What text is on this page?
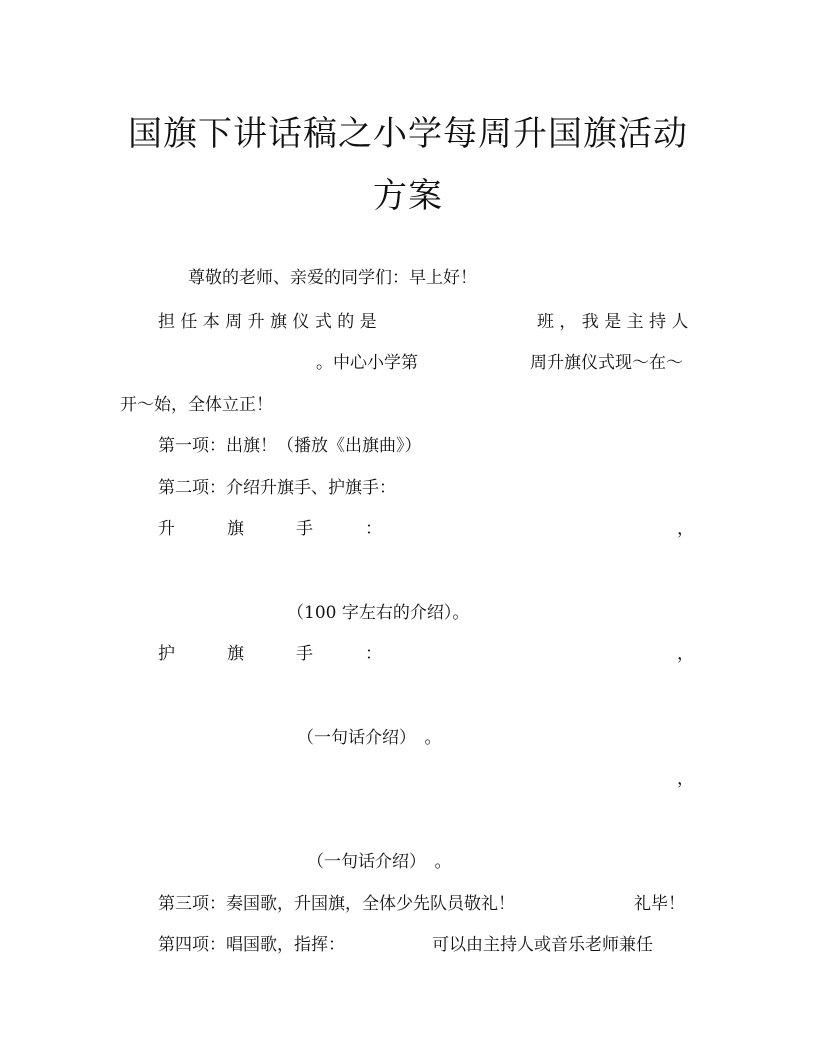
国旗下讲话稿之小学每周升国旗活动
方案
尊敬的老师、亲爱的同学们：早上好！
担 任 本 周 升 旗 仪 式 的 是	班 ， 我 是 主 持 人
。中心小学第	周升旗仪式现～在～
开～始，全体立正！
第一项：出旗！（播放《出旗曲》）
第二项：介绍升旗手、护旗手：
升	旗	手	：	，
（100 字左右的介绍）。
护	旗	手	：	，
（一句话介绍）　。
，
（一句话介绍）　。
第三项：奏国歌，升国旗，全体少先队员敬礼！	礼毕！
第四项：唱国歌，指挥：	可以由主持人或音乐老师兼任
